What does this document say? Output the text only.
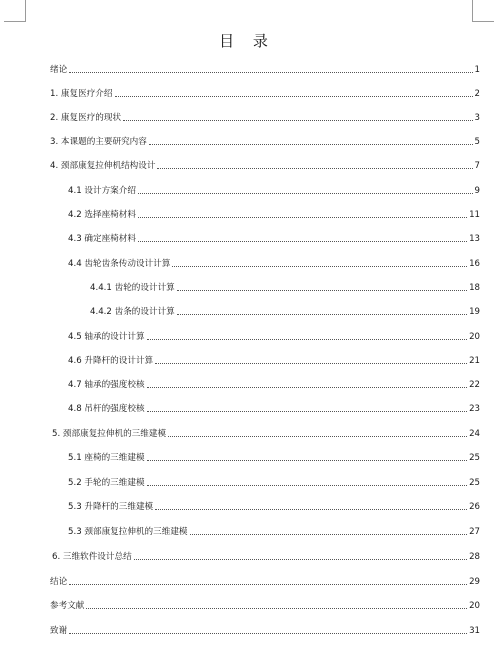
目 录
绪论	1
1. 康复医疗介绍	2
2. 康复医疗的现状	3
3. 本课题的主要研究内容	5
4. 颈部康复拉伸机结构设计	7
4.1 设计方案介绍	9
4.2 选择座椅材料	11
4.3 确定座椅材料	13
4.4 齿轮齿条传动设计计算	16
4.4.1 齿轮的设计计算	18
4.4.2 齿条的设计计算	19
4.5 轴承的设计计算	20
4.6 升降杆的设计计算	21
4.7 轴承的强度校核	22
4.8 吊杆的强度校核	23
5. 颈部康复拉伸机的三维建模	24
5.1 座椅的三维建模	25
5.2 手轮的三维建模	25
5.3 升降杆的三维建模	26
5.3 颈部康复拉伸机的三维建模	27
6. 三维软件设计总结	28
结论	29
参考文献	20
致谢	31
